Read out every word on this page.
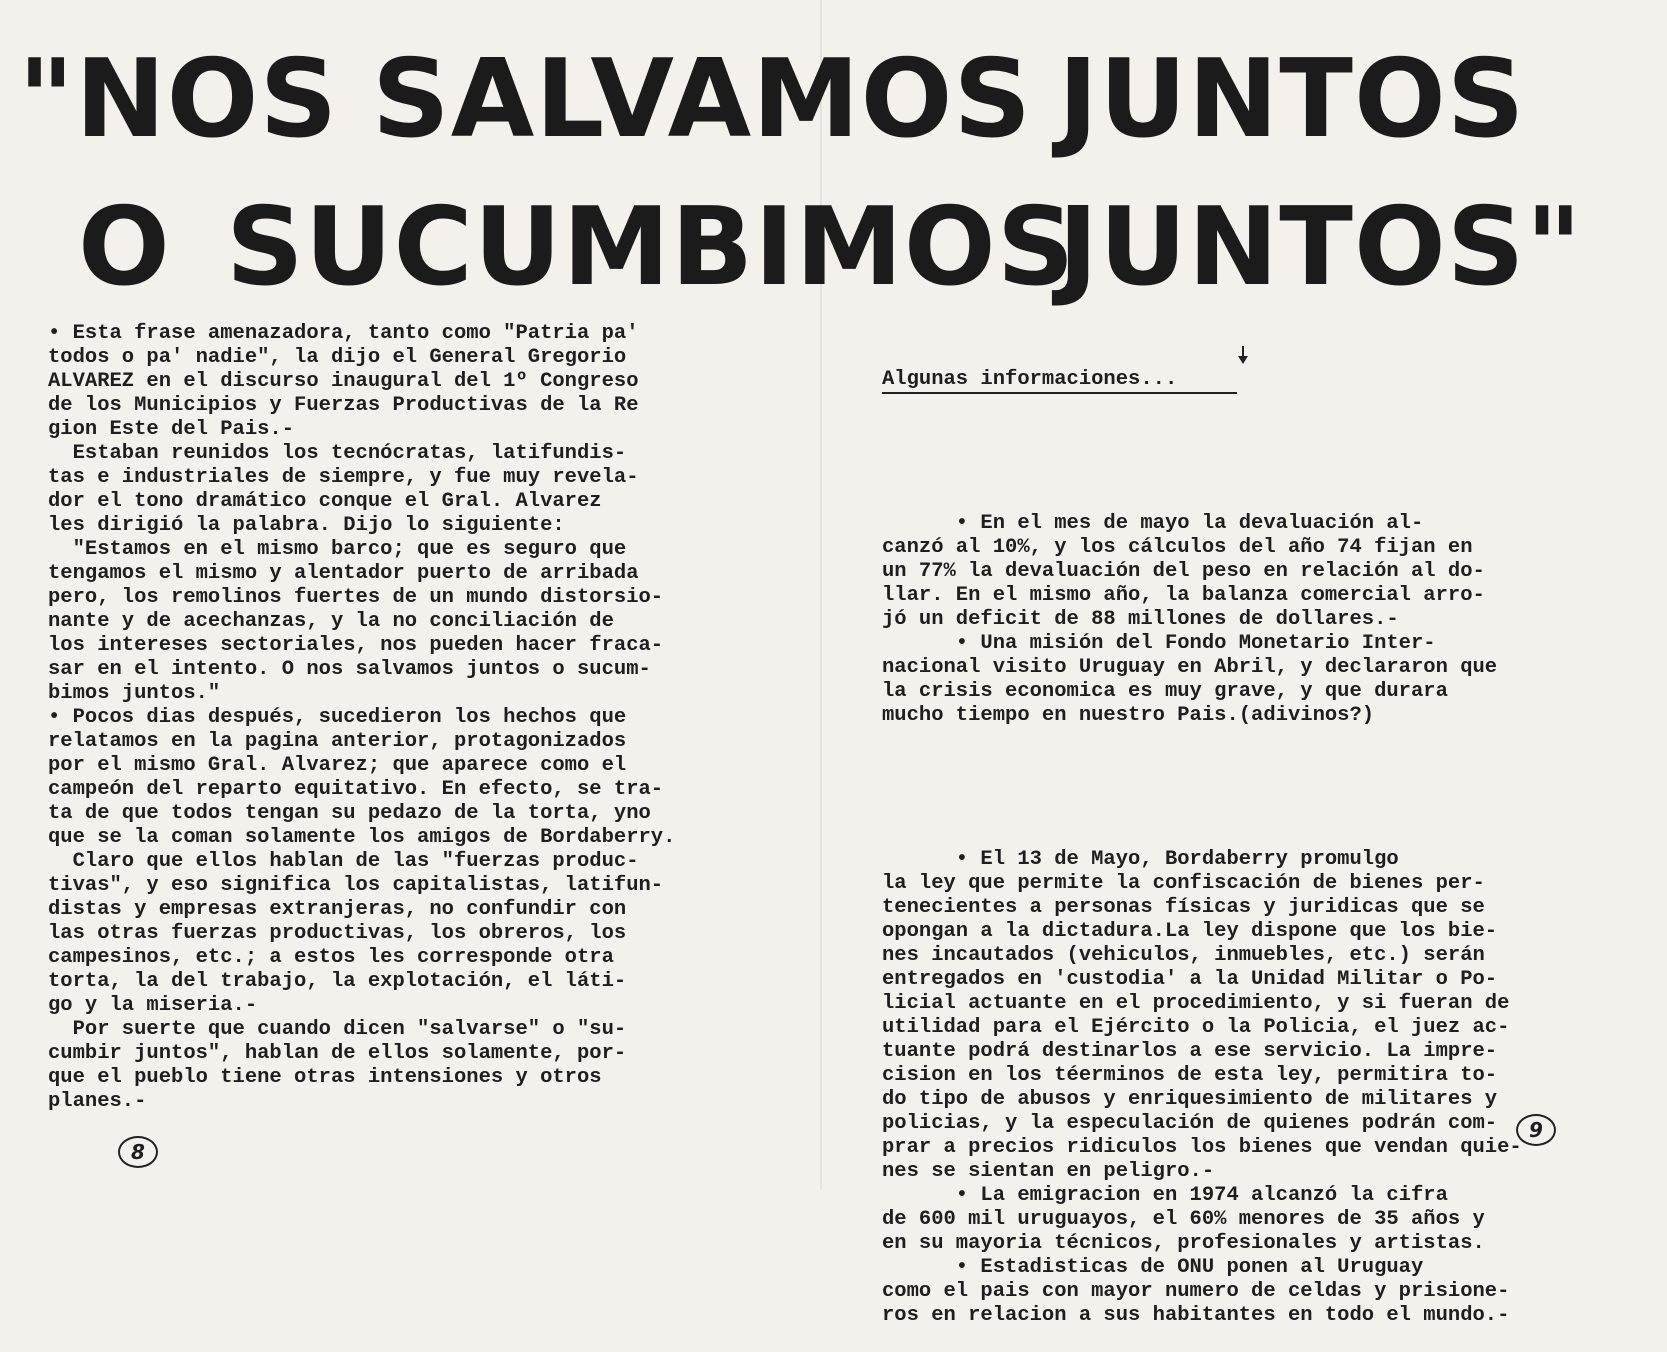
"NOS SALVAMOS JUNTOS
O SUCUMBIMOS
JUNTOS"
• Esta frase amenazadora, tanto como "Patria pa'
todos o pa' nadie", la dijo el General Gregorio
ALVAREZ en el discurso inaugural del 1º Congreso
de los Municipios y Fuerzas Productivas de la Re
gion Este del Pais.-
Estaban reunidos los tecnócratas, latifundis-
tas e industriales de siempre, y fue muy revela-
dor el tono dramático conque el Gral. Alvarez
les dirigió la palabra. Dijo lo siguiente:
"Estamos en el mismo barco; que es seguro que
tengamos el mismo y alentador puerto de arribada
pero, los remolinos fuertes de un mundo distorsio-
nante y de acechanzas, y la no conciliación de
los intereses sectoriales, nos pueden hacer fraca-
sar en el intento. O nos salvamos juntos o sucum-
bimos juntos."
• Pocos dias después, sucedieron los hechos que
relatamos en la pagina anterior, protagonizados
por el mismo Gral. Alvarez; que aparece como el
campeón del reparto equitativo. En efecto, se tra-
ta de que todos tengan su pedazo de la torta, yno
que se la coman solamente los amigos de Bordaberry.
Claro que ellos hablan de las "fuerzas produc-
tivas", y eso significa los capitalistas, latifun-
distas y empresas extranjeras, no confundir con
las otras fuerzas productivas, los obreros, los
campesinos, etc.; a estos les corresponde otra
torta, la del trabajo, la explotación, el láti-
go y la miseria.-
Por suerte que cuando dicen "salvarse" o "su-
cumbir juntos", hablan de ellos solamente, por-
que el pueblo tiene otras intensiones y otros
planes.-

Algunas informaciones...

• En el mes de mayo la devaluación al-
canzó al 10%, y los cálculos del año 74 fijan en
un 77% la devaluación del peso en relación al do-
llar. En el mismo año, la balanza comercial arro-
jó un deficit de 88 millones de dollares.-
• Una misión del Fondo Monetario Inter-
nacional visito Uruguay en Abril, y declararon que
la crisis economica es muy grave, y que durara
mucho tiempo en nuestro Pais.(adivinos?)

• El 13 de Mayo, Bordaberry promulgo
la ley que permite la confiscación de bienes per-
tenecientes a personas físicas y juridicas que se
opongan a la dictadura.La ley dispone que los bie-
nes incautados (vehiculos, inmuebles, etc.) serán
entregados en 'custodia' a la Unidad Militar o Po-
licial actuante en el procedimiento, y si fueran de
utilidad para el Ejército o la Policia, el juez ac-
tuante podrá destinarlos a ese servicio. La impre-
cision en los téerminos de esta ley, permitira to-
do tipo de abusos y enriquesimiento de militares y
policias, y la especulación de quienes podrán com-
prar a precios ridiculos los bienes que vendan quie-
nes se sientan en peligro.-
• La emigracion en 1974 alcanzó la cifra
de 600 mil uruguayos, el 60% menores de 35 años y
en su mayoria técnicos, profesionales y artistas.
• Estadisticas de ONU ponen al Uruguay
como el pais con mayor numero de celdas y prisione-
ros en relacion a sus habitantes en todo el mundo.-

8
9
